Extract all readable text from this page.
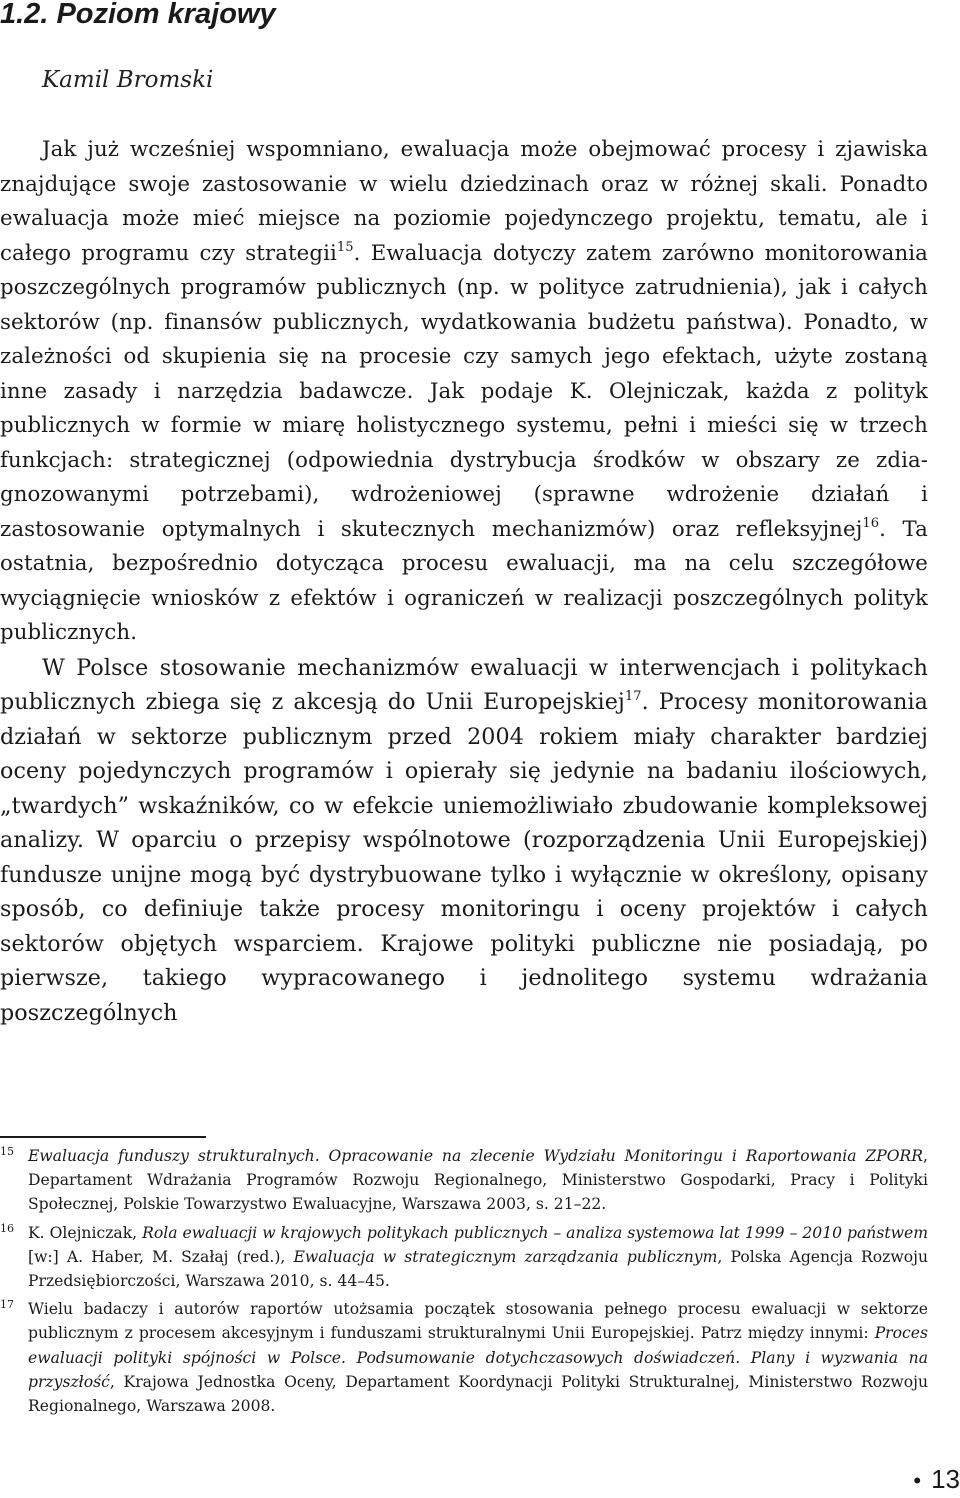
1.2. Poziom krajowy

Kamil Bromski

Jak już wcześniej wspomniano, ewaluacja może obejmować procesy i zjawiska znajdujące swoje zastosowanie w wielu dziedzinach oraz w różnej skali. Ponadto ewaluacja może mieć miejsce na poziomie pojedynczego projektu, tematu, ale i całego programu czy strategii$^{15}$. Ewaluacja dotyczy zatem zarówno monitorowania poszczególnych programów publicznych (np. w polityce zatrudnienia), jak i całych sektorów (np. finansów publicznych, wydatkowania budżetu państwa). Ponadto, w zależności od skupienia się na procesie czy samych jego efektach, użyte zostaną inne zasady i narzędzia badawcze. Jak podaje K. Olejniczak, każda z polityk publicznych w formie w miarę holistycznego systemu, pełni i mieści się w trzech funkcjach: strategicznej (odpowiednia dystrybucja środków w obszary ze zdiagnozowanymi potrzebami), wdrożeniowej (sprawne wdrożenie działań i zastosowanie optymalnych i skutecznych mechanizmów) oraz refleksyjnej$^{16}$. Ta ostatnia, bezpośrednio dotycząca procesu ewaluacji, ma na celu szczegółowe wyciągnięcie wniosków z efektów i ograniczeń w realizacji poszczególnych polityk publicznych.

W Polsce stosowanie mechanizmów ewaluacji w interwencjach i politykach publicznych zbiega się z akcesją do Unii Europejskiej$^{17}$. Procesy monitorowania działań w sektorze publicznym przed 2004 rokiem miały charakter bardziej oceny pojedynczych programów i opierały się jedynie na badaniu ilościowych, „twardych” wskaźników, co w efekcie uniemożliwiało zbudowanie kompleksowej analizy. W oparciu o przepisy wspólnotowe (rozporządzenia Unii Europejskiej) fundusze unijne mogą być dystrybuowane tylko i wyłącznie w określony, opisany sposób, co definiuje także procesy monitoringu i oceny projektów i całych sektorów objętych wsparciem. Krajowe polityki publiczne nie posiadają, po pierwsze, takiego wypracowanego i jednolitego systemu wdrażania poszczególnych

15 Ewaluacja funduszy strukturalnych. Opracowanie na zlecenie Wydziału Monitoringu i Raportowania ZPORR, Departament Wdrażania Programów Rozwoju Regionalnego, Ministerstwo Gospodarki, Pracy i Polityki Społecznej, Polskie Towarzystwo Ewaluacyjne, Warszawa 2003, s. 21–22.
16 K. Olejniczak, Rola ewaluacji w krajowych politykach publicznych – analiza systemowa lat 1999 – 2010 państwem [w:] A. Haber, M. Szałaj (red.), Ewaluacja w strategicznym zarządzania publicznym, Polska Agencja Rozwoju Przedsiębiorczości, Warszawa 2010, s. 44–45.
17 Wielu badaczy i autorów raportów utożsamia początek stosowania pełnego procesu ewaluacji w sektorze publicznym z procesem akcesyjnym i funduszami strukturalnymi Unii Europejskiej. Patrz między innymi: Proces ewaluacji polityki spójności w Polsce. Podsumowanie dotychczasowych doświadczeń. Plany i wyzwania na przyszłość, Krajowa Jednostka Oceny, Departament Koordynacji Polityki Strukturalnej, Ministerstwo Rozwoju Regionalnego, Warszawa 2008.
• 13
